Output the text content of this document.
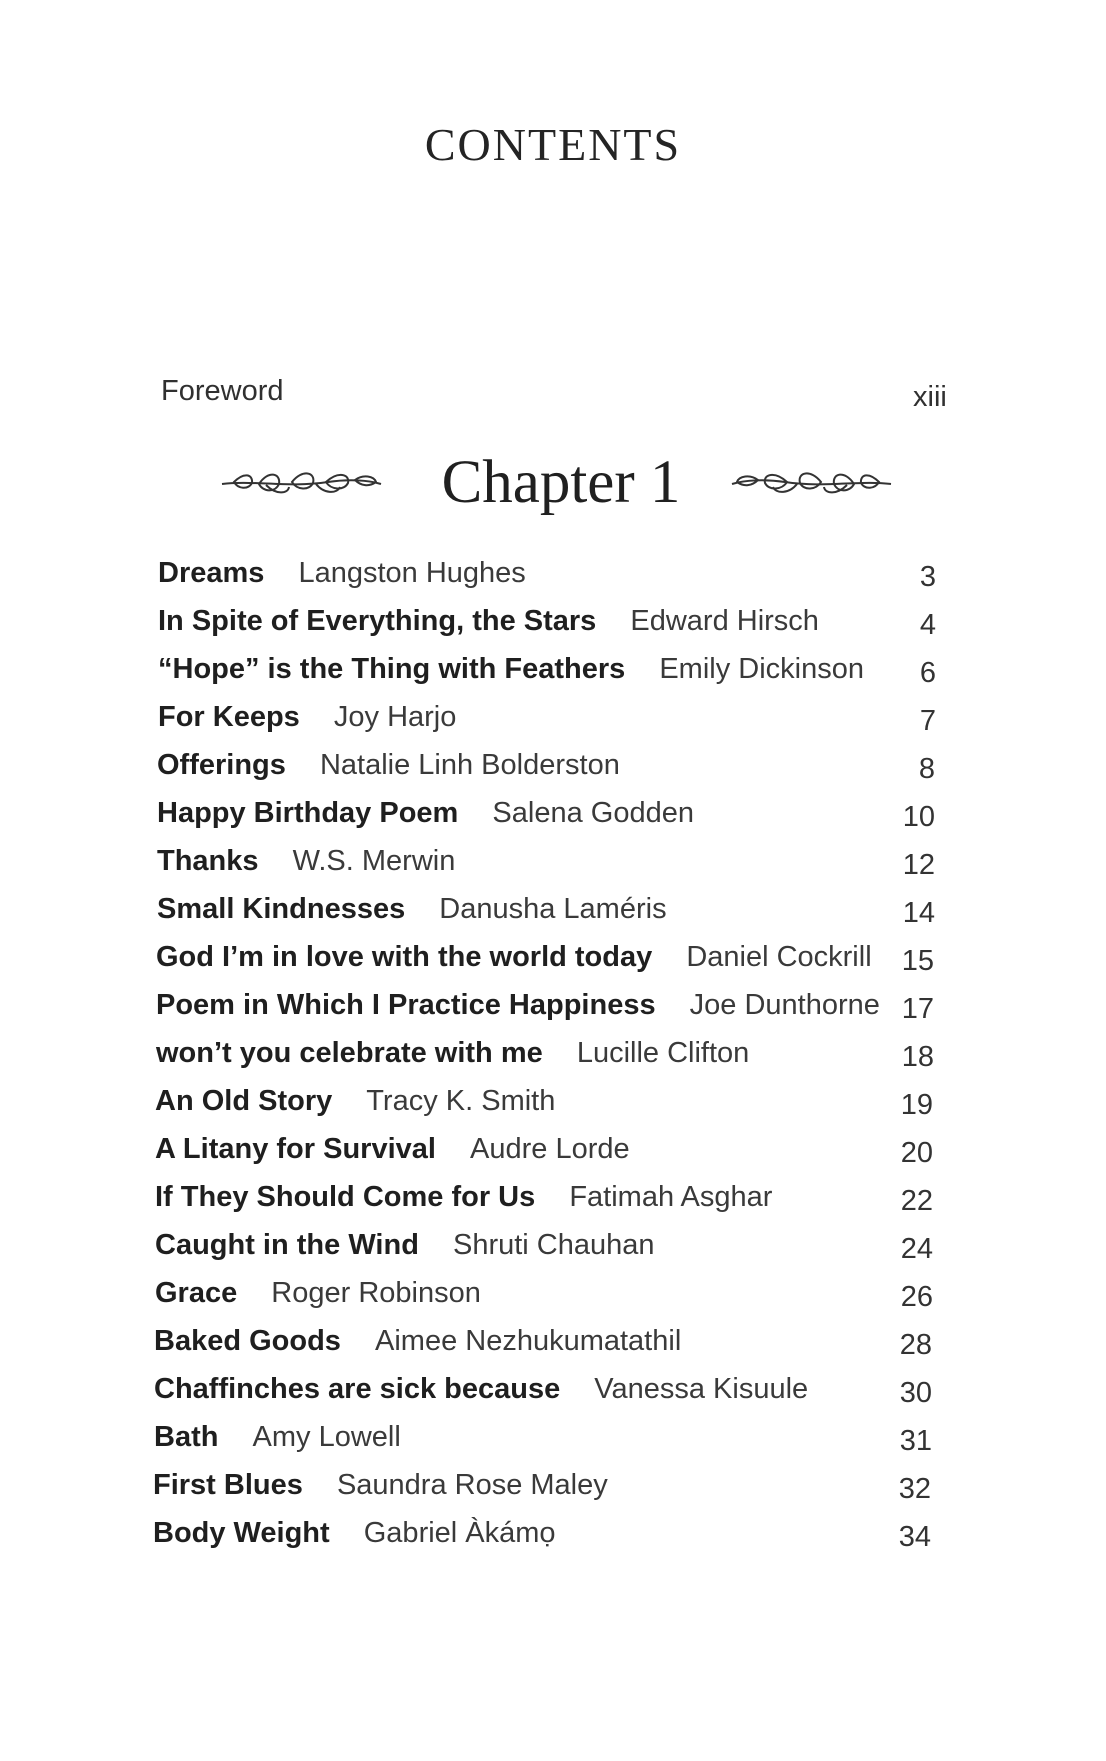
CONTENTS
Foreword	xiii
Chapter 1
Dreams Langston Hughes	3
In Spite of Everything, the Stars Edward Hirsch	4
“Hope” is the Thing with Feathers Emily Dickinson 6
For Keeps Joy Harjo	7
Offerings Natalie Linh Bolderston	8
Happy Birthday Poem Salena Godden	10
Thanks W.S. Merwin	12
Small Kindnesses Danusha Laméris	14
God I’m in love with the world today Daniel Cockrill 15
Poem in Which I Practice Happiness Joe Dunthorne 17
won’t you celebrate with me Lucille Clifton	18
An Old Story Tracy K. Smith	19
A Litany for Survival Audre Lorde	20
If They Should Come for Us Fatimah Asghar	22
Caught in the Wind Shruti Chauhan	24
Grace Roger Robinson	26
Baked Goods Aimee Nezhukumatathil	28
Chaffinches are sick because Vanessa Kisuule	30
Bath Amy Lowell	31
First Blues Saundra Rose Maley	32
Body Weight Gabriel Àkámọ	34
